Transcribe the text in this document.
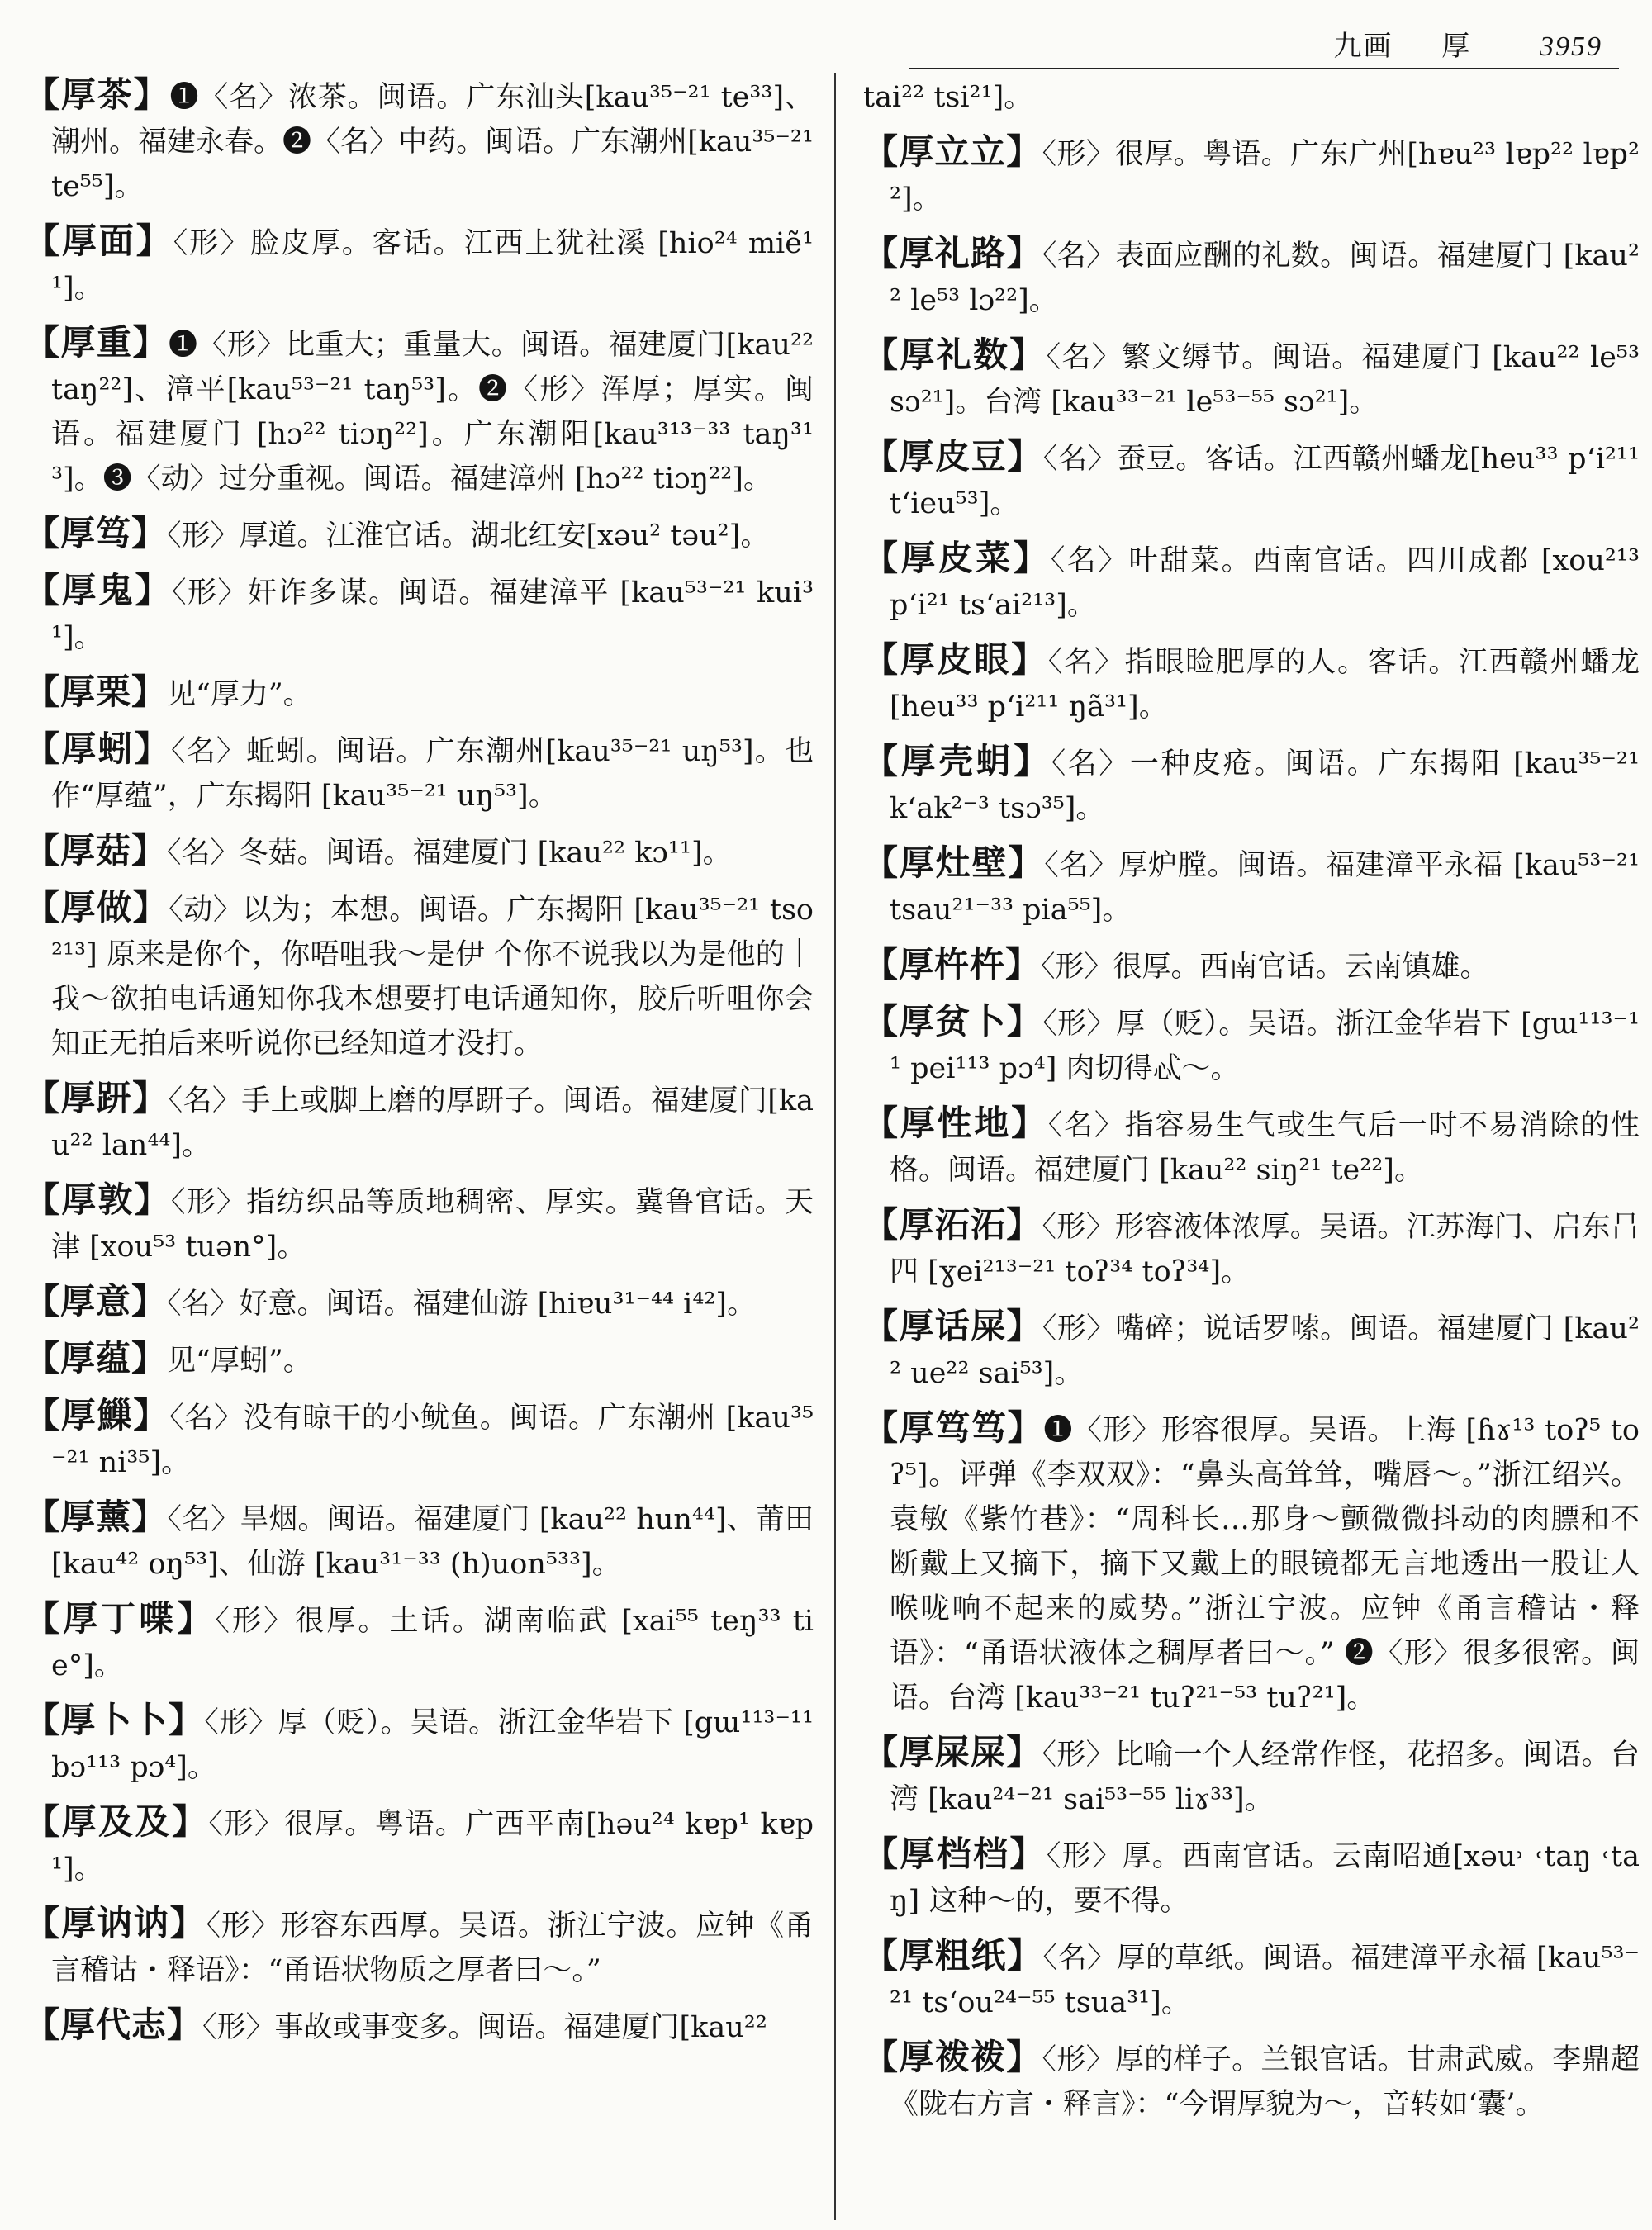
九画 厚 3959

【厚茶】❶〈名〉浓茶。闽语。广东汕头[kau³⁵⁻²¹ te³³]、潮州。福建永春。❷〈名〉中药。闽语。广东潮州[kau³⁵⁻²¹ te⁵⁵]。

【厚面】〈形〉脸皮厚。客话。江西上犹社溪 [hio²⁴ miẽ¹¹]。

【厚重】❶〈形〉比重大；重量大。闽语。福建厦门[kau²² taŋ²²]、漳平[kau⁵³⁻²¹ taŋ⁵³]。❷〈形〉浑厚；厚实。闽语。福建厦门 [hɔ²² tiɔŋ²²]。广东潮阳[kau³¹³⁻³³ taŋ³¹³]。❸〈动〉过分重视。闽语。福建漳州 [hɔ²² tiɔŋ²²]。

【厚笃】〈形〉厚道。江淮官话。湖北红安[xəu² təu²]。

【厚鬼】〈形〉奸诈多谋。闽语。福建漳平 [kau⁵³⁻²¹ kui³¹]。

【厚栗】见“厚力”。

【厚蚓】〈名〉蚯蚓。闽语。广东潮州[kau³⁵⁻²¹ uŋ⁵³]。也作“厚蕴”，广东揭阳 [kau³⁵⁻²¹ uŋ⁵³]。

【厚菇】〈名〉冬菇。闽语。福建厦门 [kau²² kɔ¹¹]。

【厚做】〈动〉以为；本想。闽语。广东揭阳 [kau³⁵⁻²¹ tso²¹³] 原来是你个，你唔咀我～是伊 个你不说我以为是他的｜我～欲拍电话通知你我本想要打电话通知你，胶后听咀你会知正无拍后来听说你已经知道才没打。

【厚趼】〈名〉手上或脚上磨的厚趼子。闽语。福建厦门[kau²² lan⁴⁴]。

【厚敦】〈形〉指纺织品等质地稠密、厚实。冀鲁官话。天津 [xou⁵³ tuən°]。

【厚意】〈名〉好意。闽语。福建仙游 [hiɐu³¹⁻⁴⁴ i⁴²]。

【厚蕴】见“厚蚓”。

【厚䲃】〈名〉没有晾干的小鱿鱼。闽语。广东潮州 [kau³⁵⁻²¹ ni³⁵]。

【厚薰】〈名〉旱烟。闽语。福建厦门 [kau²² hun⁴⁴]、莆田 [kau⁴² oŋ⁵³]、仙游 [kau³¹⁻³³ (h)uon⁵³³]。

【厚丁喋】〈形〉很厚。土话。湖南临武 [xai⁵⁵ teŋ³³ tie°]。

【厚卜卜】〈形〉厚（贬）。吴语。浙江金华岩下 [gɯ¹¹³⁻¹¹ bɔ¹¹³ pɔ⁴]。

【厚及及】〈形〉很厚。粤语。广西平南[həu²⁴ kɐp¹ kɐp¹]。

【厚讷讷】〈形〉形容东西厚。吴语。浙江宁波。应钟《甬言稽诂・释语》：“甬语状物质之厚者曰～。”

【厚代志】〈形〉事故或事变多。闽语。福建厦门[kau²²

tai²² tsi²¹]。

【厚立立】〈形〉很厚。粤语。广东广州[hɐu²³ lɐp²² lɐp²²]。

【厚礼路】〈名〉表面应酬的礼数。闽语。福建厦门 [kau²² le⁵³ lɔ²²]。

【厚礼数】〈名〉繁文缛节。闽语。福建厦门 [kau²² le⁵³ sɔ²¹]。台湾 [kau³³⁻²¹ le⁵³⁻⁵⁵ sɔ²¹]。

【厚皮豆】〈名〉蚕豆。客话。江西赣州蟠龙[heu³³ p‘i²¹¹ t‘ieu⁵³]。

【厚皮菜】〈名〉叶甜菜。西南官话。四川成都 [xou²¹³ p‘i²¹ ts‘ai²¹³]。

【厚皮眼】〈名〉指眼睑肥厚的人。客话。江西赣州蟠龙 [heu³³ p‘i²¹¹ ŋã³¹]。

【厚壳蚏】〈名〉一种皮疮。闽语。广东揭阳 [kau³⁵⁻²¹ k‘ak²⁻³ tsɔ³⁵]。

【厚灶壁】〈名〉厚炉膛。闽语。福建漳平永福 [kau⁵³⁻²¹ tsau²¹⁻³³ pia⁵⁵]。

【厚杵杵】〈形〉很厚。西南官话。云南镇雄。

【厚贫卜】〈形〉厚（贬）。吴语。浙江金华岩下 [gɯ¹¹³⁻¹¹ pei¹¹³ pɔ⁴] 肉切得忒～。

【厚性地】〈名〉指容易生气或生气后一时不易消除的性格。闽语。福建厦门 [kau²² siŋ²¹ te²²]。

【厚沰沰】〈形〉形容液体浓厚。吴语。江苏海门、启东吕四 [ɣei²¹³⁻²¹ toʔ³⁴ toʔ³⁴]。

【厚话屎】〈形〉嘴碎；说话罗嗦。闽语。福建厦门 [kau²² ue²² sai⁵³]。

【厚笃笃】❶〈形〉形容很厚。吴语。上海 [ɦɤ¹³ toʔ⁵ toʔ⁵]。评弹《李双双》：“鼻头高耸耸，嘴唇～。”浙江绍兴。袁敏《紫竹巷》：“周科长…那身～颤微微抖动的肉膘和不断戴上又摘下，摘下又戴上的眼镜都无言地透出一股让人喉咙响不起来的威势。”浙江宁波。应钟《甬言稽诂・释语》：“甬语状液体之稠厚者曰～。” ❷〈形〉很多很密。闽语。台湾 [kau³³⁻²¹ tuʔ²¹⁻⁵³ tuʔ²¹]。

【厚屎屎】〈形〉比喻一个人经常作怪，花招多。闽语。台湾 [kau²⁴⁻²¹ sai⁵³⁻⁵⁵ liɤ³³]。

【厚档档】〈形〉厚。西南官话。云南昭通[xəu˒ ˓taŋ ˓taŋ] 这种～的，要不得。

【厚粗纸】〈名〉厚的草纸。闽语。福建漳平永福 [kau⁵³⁻²¹ ts‘ou²⁴⁻⁵⁵ tsua³¹]。

【厚袯袯】〈形〉厚的样子。兰银官话。甘肃武威。李鼎超《陇右方言・释言》：“今谓厚貌为～，音转如‘囊’。
